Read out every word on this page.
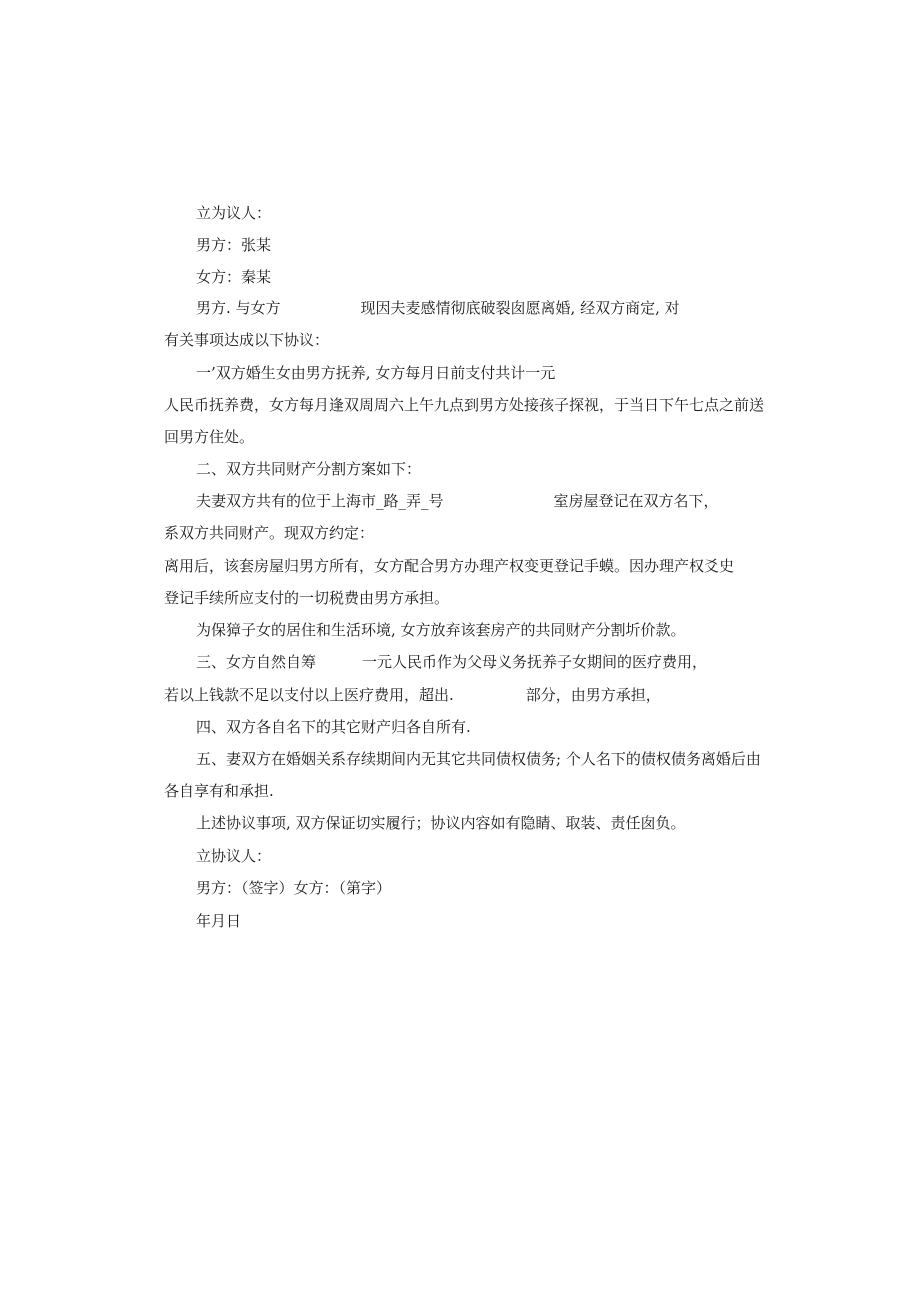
立为议人：
男方：张某
女方：秦某
男方. 与女方	现因夫麦感情彻底破裂囱愿离婚, 经双方商定, 对
有关事项达成以下协议：
一’双方婚生女由男方抚养, 女方每月日前支付共计一元
人民币抚养费，女方每月逢双周周六上午九点到男方处接孩子探视，于当日下午七点之前送
回男方住处。
二、双方共同财产分割方案如下：
夫妻双方共有的位于上海市_路_弄_号	室房屋登记在双方名下，
系双方共同财产。现双方约定：
离用后，该套房屋归男方所有，女方配合男方办理产权变更登记手蟆。因办理产权爻史
登记手续所应支付的一切税费由男方承担。
为保獐子女的居住和生活环境, 女方放弃该套房产的共同财产分割圻价款。
三、女方自然自筹	一元人民币作为父母义务抚养子女期间的医疗费用，
若以上钱款不足以支付以上医疗费用，超出.	部分，由男方承担，
四、双方各自名下的其它财产归各自所有.
五、妻双方在婚姻关系存续期间内无其它共同债权债务; 个人名下的债权债务离婚后由
各自享有和承担.
上述协议事项, 双方保证切实履行；协议内容如有隐睛、取装、责任囱负。
立协议人：
男方：（签字）女方：（第字）
年月日
